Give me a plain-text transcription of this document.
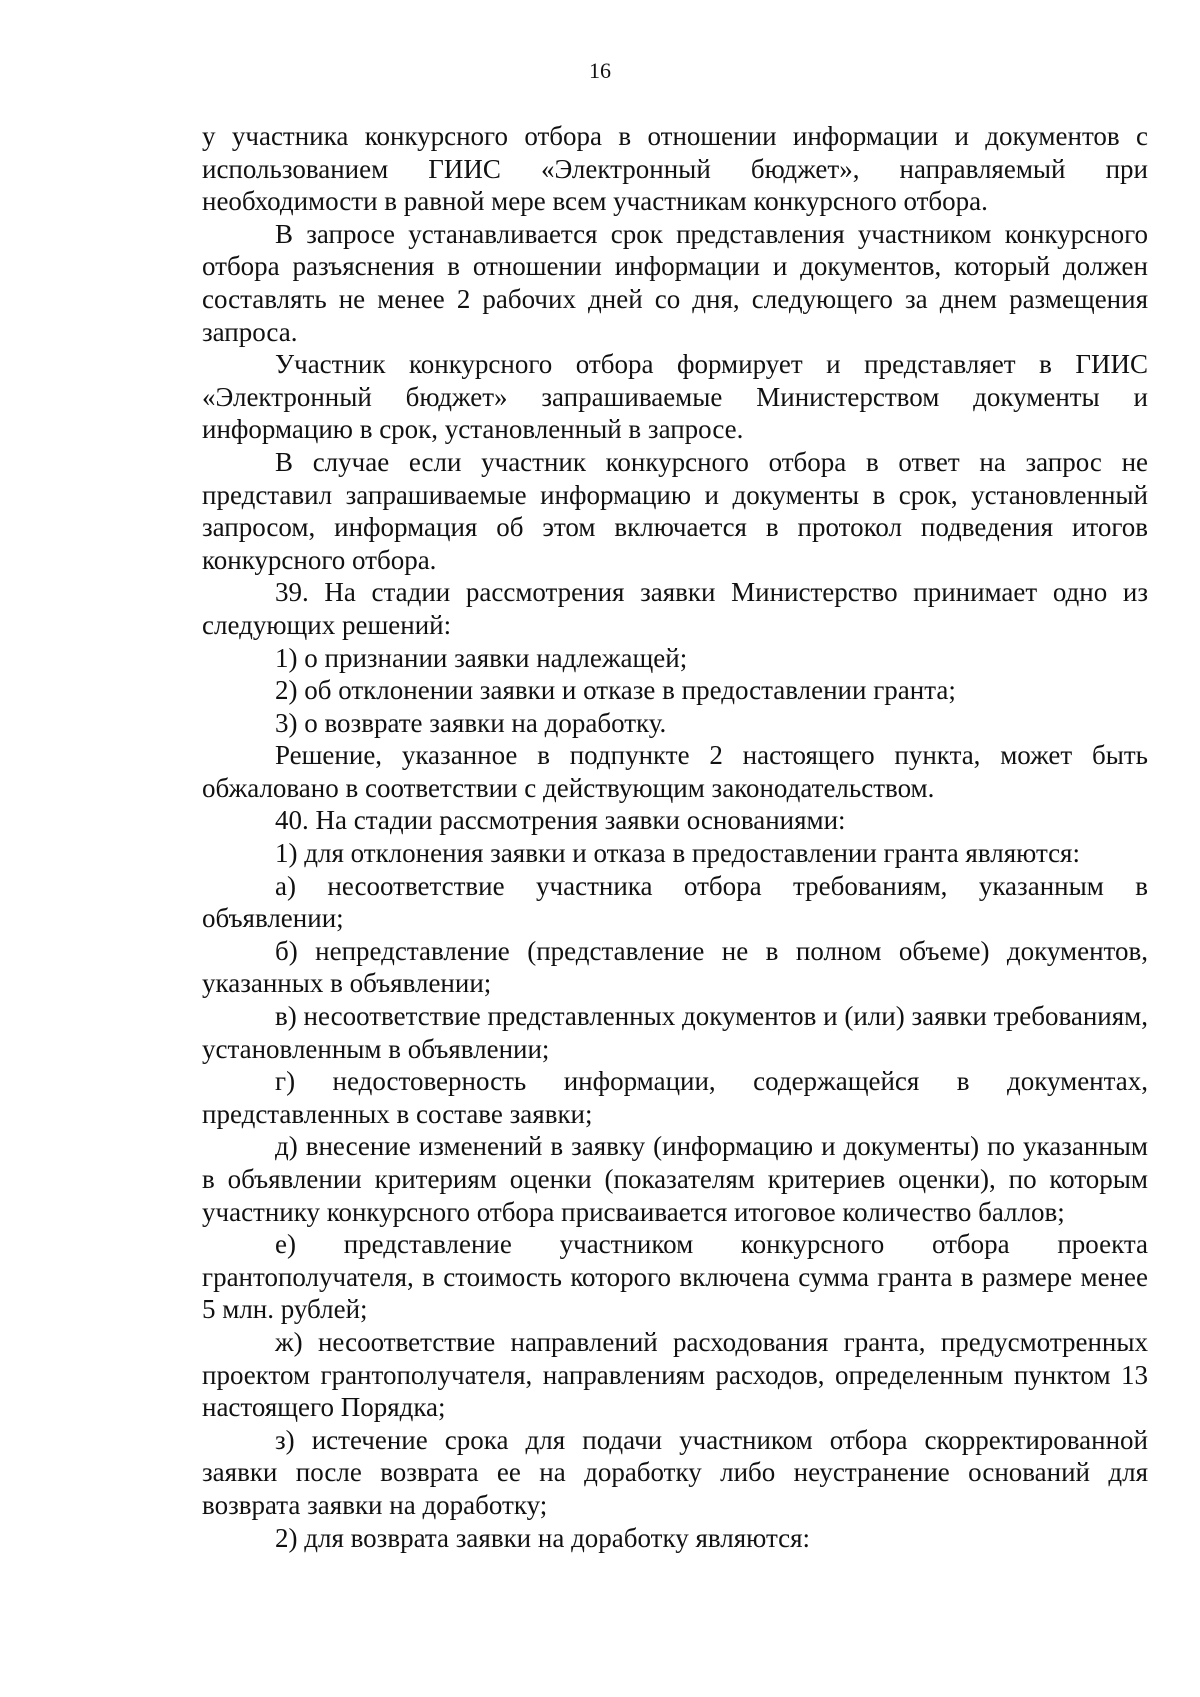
16

у участника конкурсного отбора в отношении информации и документов с использованием ГИИС «Электронный бюджет», направляемый при необходимости в равной мере всем участникам конкурсного отбора.

В запросе устанавливается срок представления участником конкурсного отбора разъяснения в отношении информации и документов, который должен составлять не менее 2 рабочих дней со дня, следующего за днем размещения запроса.

Участник конкурсного отбора формирует и представляет в ГИИС «Электронный бюджет» запрашиваемые Министерством документы и информацию в срок, установленный в запросе.

В случае если участник конкурсного отбора в ответ на запрос не представил запрашиваемые информацию и документы в срок, установленный запросом, информация об этом включается в протокол подведения итогов конкурсного отбора.

39. На стадии рассмотрения заявки Министерство принимает одно из следующих решений:

1) о признании заявки надлежащей;

2) об отклонении заявки и отказе в предоставлении гранта;

3) о возврате заявки на доработку.

Решение, указанное в подпункте 2 настоящего пункта, может быть обжаловано в соответствии с действующим законодательством.

40. На стадии рассмотрения заявки основаниями:

1) для отклонения заявки и отказа в предоставлении гранта являются:

а) несоответствие участника отбора требованиям, указанным в объявлении;

б) непредставление (представление не в полном объеме) документов, указанных в объявлении;

в) несоответствие представленных документов и (или) заявки требованиям, установленным в объявлении;

г) недостоверность информации, содержащейся в документах, представленных в составе заявки;

д) внесение изменений в заявку (информацию и документы) по указанным в объявлении критериям оценки (показателям критериев оценки), по которым участнику конкурсного отбора присваивается итоговое количество баллов;

е) представление участником конкурсного отбора проекта грантополучателя, в стоимость которого включена сумма гранта в размере менее 5 млн. рублей;

ж) несоответствие направлений расходования гранта, предусмотренных проектом грантополучателя, направлениям расходов, определенным пунктом 13 настоящего Порядка;

з) истечение срока для подачи участником отбора скорректированной заявки после возврата ее на доработку либо неустранение оснований для возврата заявки на доработку;

2) для возврата заявки на доработку являются:
